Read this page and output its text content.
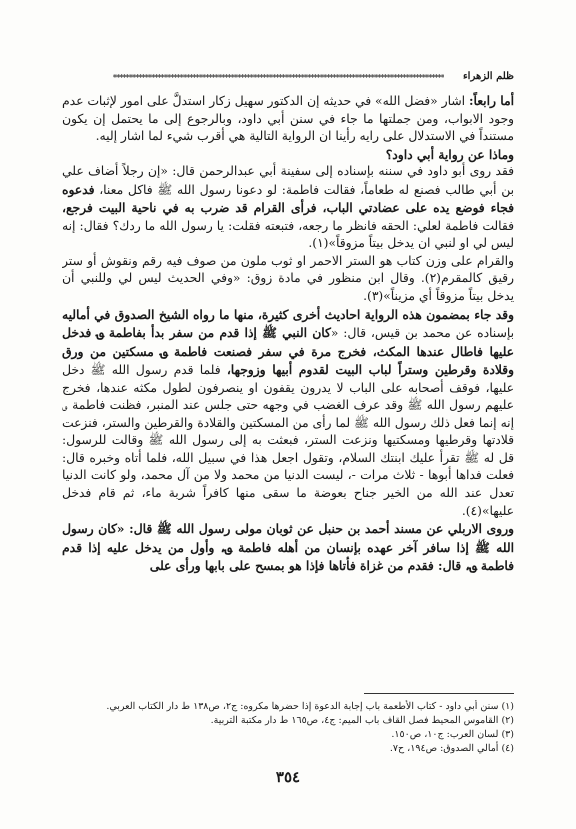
ظلم الزهراء
********************************************************************************************************

أما رابعاً: اشار «فضل الله» في حديثه إن الدكتور سهيل زكار استدلَّ على امور لإثبات عدم وجود الابواب، ومن جملتها ما جاء في سنن أبي داود، وبالرجوع إلى ما يحتمل إن يكون مستنداً في الاستدلال على رايه رأينا ان الرواية التالية هي أقرب شيء لما اشار إليه.

وماذا عن رواية أبي داود؟

فقد روى أبو داود في سننه بإسناده إلى سفينة أبي عبدالرحمن قال: «إن رجلاً أضاف علي بن أبي طالب فصنع له طعاماً، فقالت فاطمة: لو دعونا رسول الله ﷺ فاكل معنا، فدعوه فجاء فوضع يده على عضادتي الباب، فرأى القرام قد ضرب به في ناحية البيت فرجع، فقالت فاطمة لعلي: الحقه فانظر ما رجعه، فتبعته فقلت: يا رسول الله ما ردك؟ فقال: إنه ليس لي او لنبي ان يدخل بيتاً مزوقاً»(١).

والقرام على وزن كتاب هو الستر الاحمر او ثوب ملون من صوف فيه رقم ونقوش أو ستر رقيق كالمقرم(٢). وقال ابن منظور في مادة زوق: «وفي الحديث ليس لي وللنبي أن يدخل بيتاً مزوقاً أي مزيناً»(٣).

وقد جاء بمضمون هذه الرواية احاديث أخرى كثيرة، منها ما رواه الشيخ الصدوق في أماليه بإسناده عن محمد بن قيس، قال: «كان النبي ﷺ إذا قدم من سفر بدأ بفاطمة ؈ فدخل عليها فاطال عندها المكث، فخرج مرة في سفر فصنعت فاطمة ؈ مسكتين من ورق وقلادة وقرطين وستراً لباب البيت لقدوم أبيها وزوجها، فلما قدم رسول الله ﷺ دخل عليها، فوقف أصحابه على الباب لا يدرون يقفون او ينصرفون لطول مكثه عندها، فخرج عليهم رسول الله ﷺ وقد عرف الغضب في وجهه حتى جلس عند المنبر، فظنت فاطمة ؈ إنه إنما فعل ذلك رسول الله ﷺ لما رأى من المسكتين والقلادة والقرطين والستر، فنزعت قلادتها وقرطيها ومسكتيها ونزعت الستر، فبعثت به إلى رسول الله ﷺ وقالت للرسول: قل له ﷺ تقرأ عليك ابنتك السلام، وتقول اجعل هذا في سبيل الله، فلما أتاه وخبره قال: فعلت فداها أبوها - ثلاث مرات -، ليست الدنيا من محمد ولا من آل محمد، ولو كانت الدنيا تعدل عند الله من الخير جناح بعوضة ما سقى منها كافراً شربة ماء، ثم قام فدخل عليها»(٤).

وروى الاربلي عن مسند أحمد بن حنبل عن ثوبان مولى رسول الله ﷺ قال: «كان رسول الله ﷺ إذا سافر آخر عهده بإنسان من أهله فاطمة ؈، وأول من يدخل عليه إذا قدم فاطمة ؈، قال: فقدم من غزاة فأتاها فإذا هو بمسح على بابها ورأى على

(١) سنن أبي داود - كتاب الأطعمة باب إجابة الدعوة إذا حضرها مكروه: ج٢، ص١٣٨ ط دار الكتاب العربي.
(٢) القاموس المحيط فصل القاف باب الميم: ج٤، ص١٦٥ ط دار مكتبة التربية.
(٣) لسان العرب: ج١٠، ص١٥٠.
(٤) أمالي الصدوق: ص١٩٤، ح٧.
٣٥٤
